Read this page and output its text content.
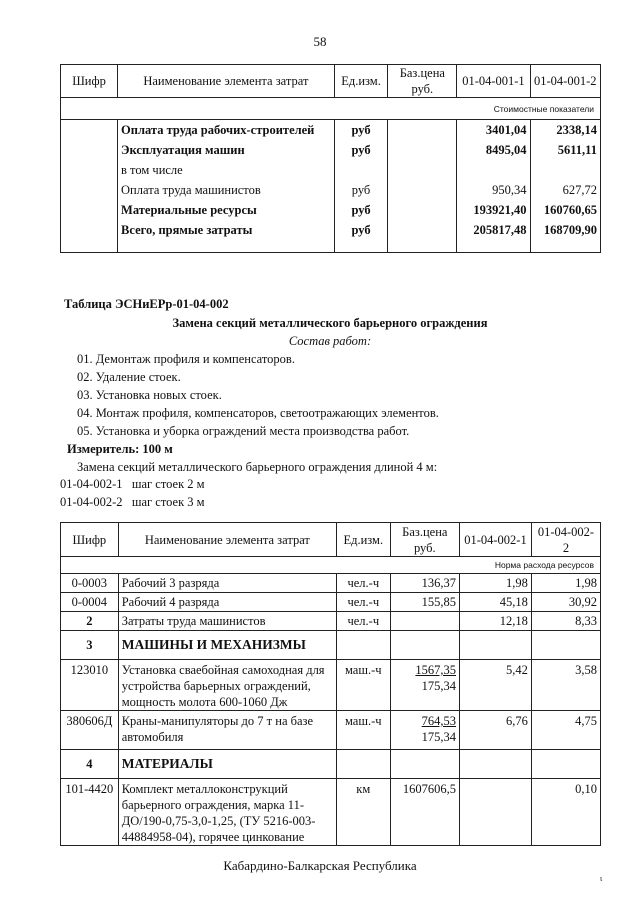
58
Шифр	Наименование элемента затрат	Ед.изм.	Баз.цена руб.	01-04-001-1	01-04-001-2
Стоимостные показатели					
	Оплата труда рабочих-строителей	руб		3401,04	2338,14
	Эксплуатация машин	руб		8495,04	5611,11
	в том числе				
	Оплата труда машинистов	руб		950,34	627,72
	Материальные ресурсы	руб		193921,40	160760,65
	Всего, прямые затраты	руб		205817,48	168709,90
Таблица ЭСНиЕРр-01-04-002
Замена секций металлического барьерного ограждения
Состав работ:
01. Демонтаж профиля и компенсаторов.
02. Удаление стоек.
03. Установка новых стоек.
04. Монтаж профиля, компенсаторов, светоотражающих элементов.
05. Установка и уборка ограждений места производства работ.
Измеритель: 100 м
Замена секций металлического барьерного ограждения длиной 4 м:
01-04-002-1 шаг стоек 2 м
01-04-002-2 шаг стоек 3 м
Шифр	Наименование элемента затрат	Ед.изм.	Баз.цена руб.	01-04-002-1	01-04-002-2
Норма расхода ресурсов					
0-0003	Рабочий 3 разряда	чел.-ч	136,37	1,98	1,98
0-0004	Рабочий 4 разряда	чел.-ч	155,85	45,18	30,92
2	Затраты труда машинистов	чел.-ч		12,18	8,33
3	МАШИНЫ И МЕХАНИЗМЫ				
123010	Установка сваебойная самоходная для устройства барьерных ограждений, мощность молота 600-1060 Дж	маш.-ч	$\frac{1567,35}{175,34}$	5,42	3,58
380606Д	Краны-манипуляторы до 7 т на базе автомобиля	маш.-ч	$\frac{764,53}{175,34}$	6,76	4,75
4	МАТЕРИАЛЫ				
101-4420	Комплект металлоконструкций барьерного ограждения, марка 11-ДО/190-0,75-3,0-1,25, (ТУ 5216-003-44884958-04), горячее цинкование	км	1607606,5		0,10
Кабардино-Балкарская Республика
ι
